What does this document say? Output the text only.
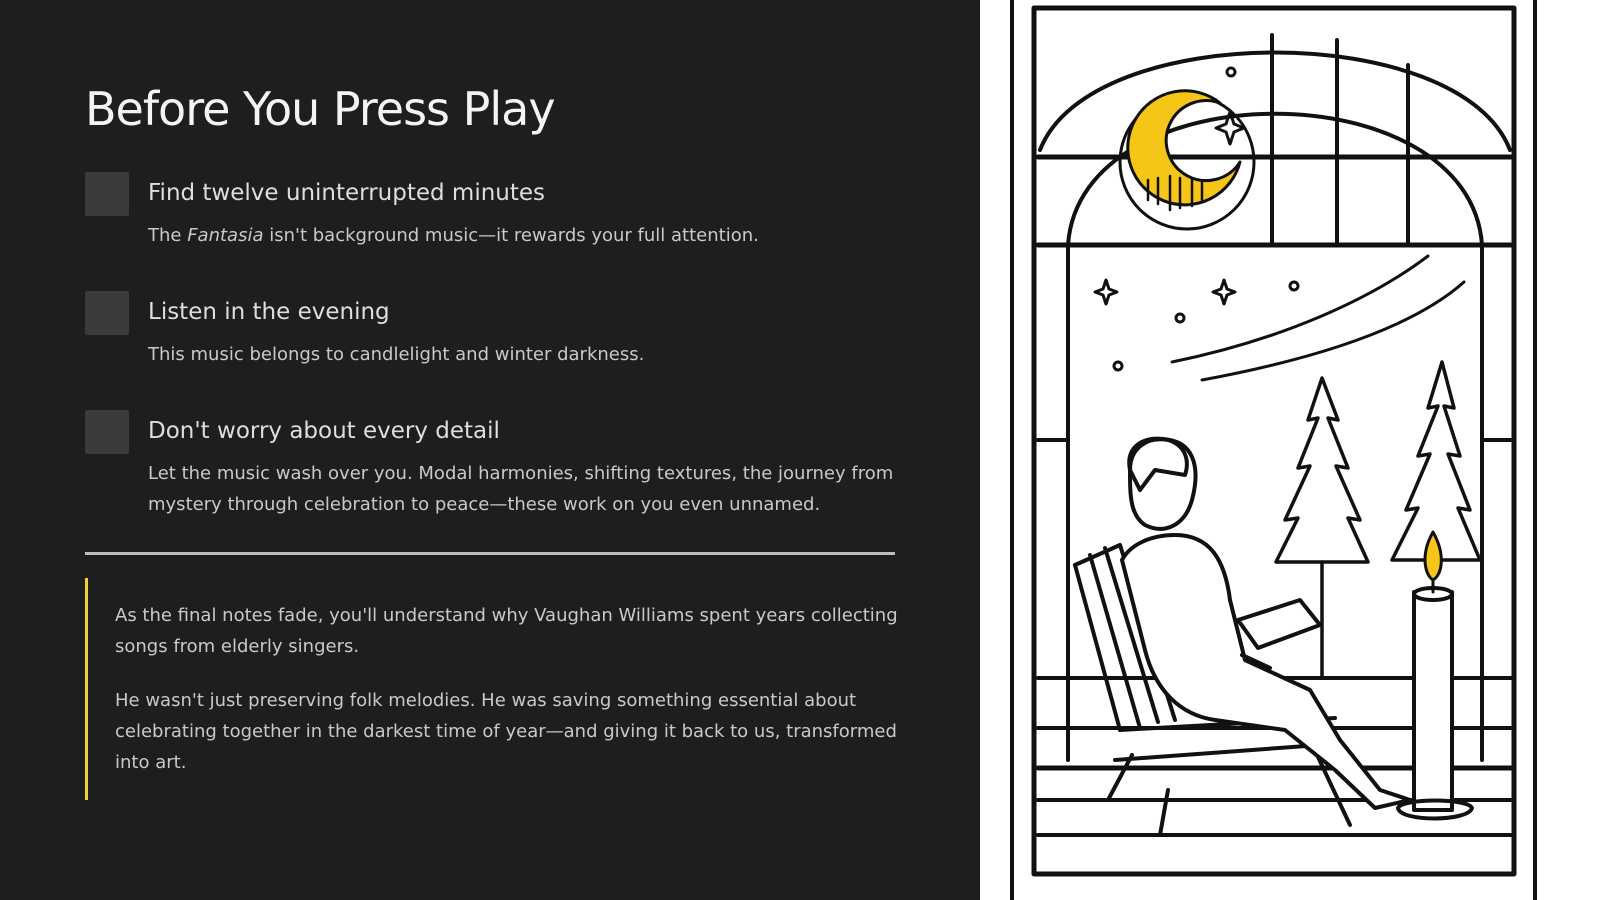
Before You Press Play
Find twelve uninterrupted minutes
The Fantasia isn't background music—it rewards your full attention.
Listen in the evening
This music belongs to candlelight and winter darkness.
Don't worry about every detail
Let the music wash over you. Modal harmonies, shifting textures, the journey from mystery through celebration to peace—these work on you even unnamed.

As the final notes fade, you'll understand why Vaughan Williams spent years collecting songs from elderly singers.

He wasn't just preserving folk melodies. He was saving something essential about celebrating together in the darkest time of year—and giving it back to us, transformed into art.
